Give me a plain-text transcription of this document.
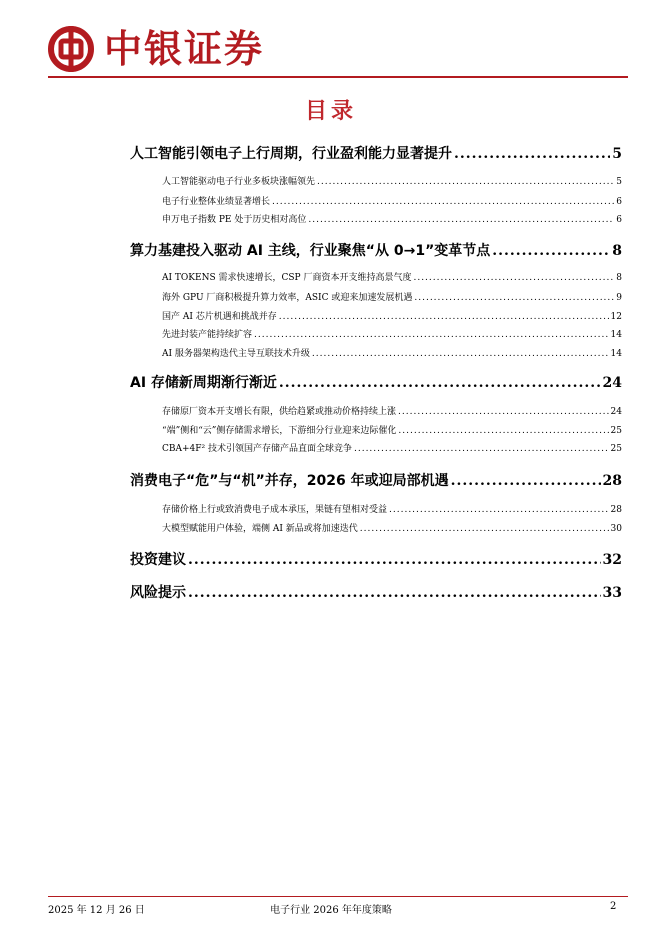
中银证券
目录
人工智能引领电子上行周期，行业盈利能力显著提升 .....	5
人工智能驱动电子行业多板块涨幅领先 .....	5
电子行业整体业绩显著增长 .....	6
申万电子指数 PE 处于历史相对高位 .....	6
算力基建投入驱动 AI 主线，行业聚焦“从 0→1”变革节点 .....	8
AI TOKENS 需求快速增长，CSP 厂商资本开支维持高景气度 .....	8
海外 GPU 厂商积极提升算力效率，ASIC 或迎来加速发展机遇 .....	9
国产 AI 芯片机遇和挑战并存 .....	12
先进封装产能持续扩容 .....	14
AI 服务器架构迭代主导互联技术升级 .....	14
AI 存储新周期渐行渐近 .....	24
存储原厂资本开支增长有限，供给趋紧或推动价格持续上涨 .....	24
“端”侧和“云”侧存储需求增长，下游细分行业迎来边际催化 .....	25
CBA+4F² 技术引领国产存储产品直面全球竞争 .....	25
消费电子“危”与“机”并存，2026 年或迎局部机遇 .....	28
存储价格上行或致消费电子成本承压，果链有望相对受益 .....	28
大模型赋能用户体验，端侧 AI 新品或将加速迭代 .....	30
投资建议 .....	32
风险提示 .....	33
2025 年 12 月 26 日	电子行业 2026 年年度策略	2
